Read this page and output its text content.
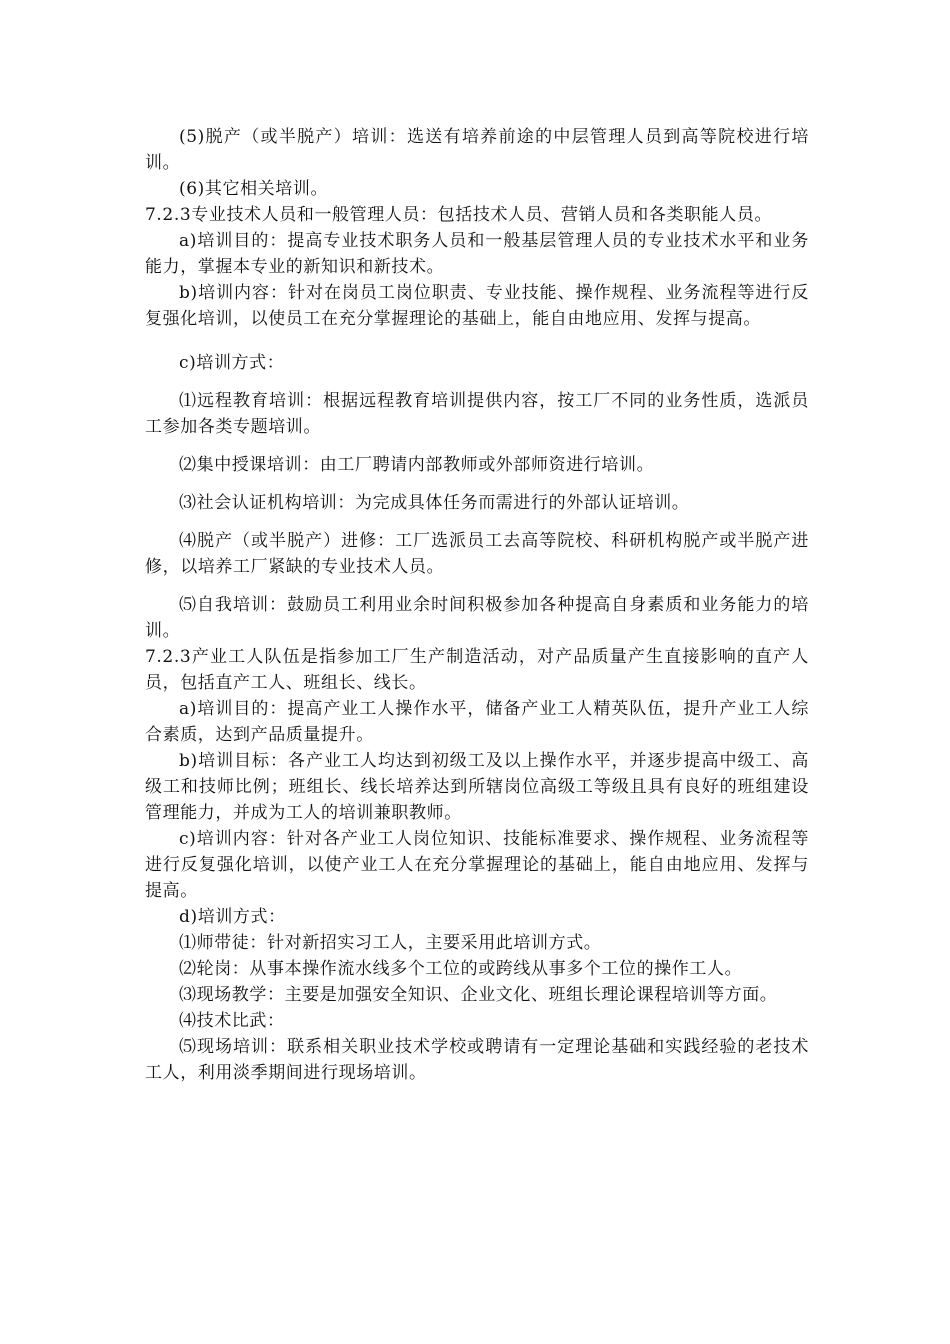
(5)脱产（或半脱产）培训：选送有培养前途的中层管理人员到高等院校进行培训。

(6)其它相关培训。

7.2.3专业技术人员和一般管理人员：包括技术人员、营销人员和各类职能人员。

a)培训目的：提高专业技术职务人员和一般基层管理人员的专业技术水平和业务能力，掌握本专业的新知识和新技术。

b)培训内容：针对在岗员工岗位职责、专业技能、操作规程、业务流程等进行反复强化培训，以使员工在充分掌握理论的基础上，能自由地应用、发挥与提高。

c)培训方式：

⑴远程教育培训：根据远程教育培训提供内容，按工厂不同的业务性质，选派员工参加各类专题培训。

⑵集中授课培训：由工厂聘请内部教师或外部师资进行培训。

⑶社会认证机构培训：为完成具体任务而需进行的外部认证培训。

⑷脱产（或半脱产）进修：工厂选派员工去高等院校、科研机构脱产或半脱产进修，以培养工厂紧缺的专业技术人员。

⑸自我培训：鼓励员工利用业余时间积极参加各种提高自身素质和业务能力的培训。

7.2.3产业工人队伍是指参加工厂生产制造活动，对产品质量产生直接影响的直产人员，包括直产工人、班组长、线长。

a)培训目的：提高产业工人操作水平，储备产业工人精英队伍，提升产业工人综合素质，达到产品质量提升。

b)培训目标：各产业工人均达到初级工及以上操作水平，并逐步提高中级工、高级工和技师比例；班组长、线长培养达到所辖岗位高级工等级且具有良好的班组建设管理能力，并成为工人的培训兼职教师。

c)培训内容：针对各产业工人岗位知识、技能标准要求、操作规程、业务流程等进行反复强化培训，以使产业工人在充分掌握理论的基础上，能自由地应用、发挥与提高。

d)培训方式：

⑴师带徒：针对新招实习工人，主要采用此培训方式。

⑵轮岗：从事本操作流水线多个工位的或跨线从事多个工位的操作工人。

⑶现场教学：主要是加强安全知识、企业文化、班组长理论课程培训等方面。

⑷技术比武：

⑸现场培训：联系相关职业技术学校或聘请有一定理论基础和实践经验的老技术工人，利用淡季期间进行现场培训。
